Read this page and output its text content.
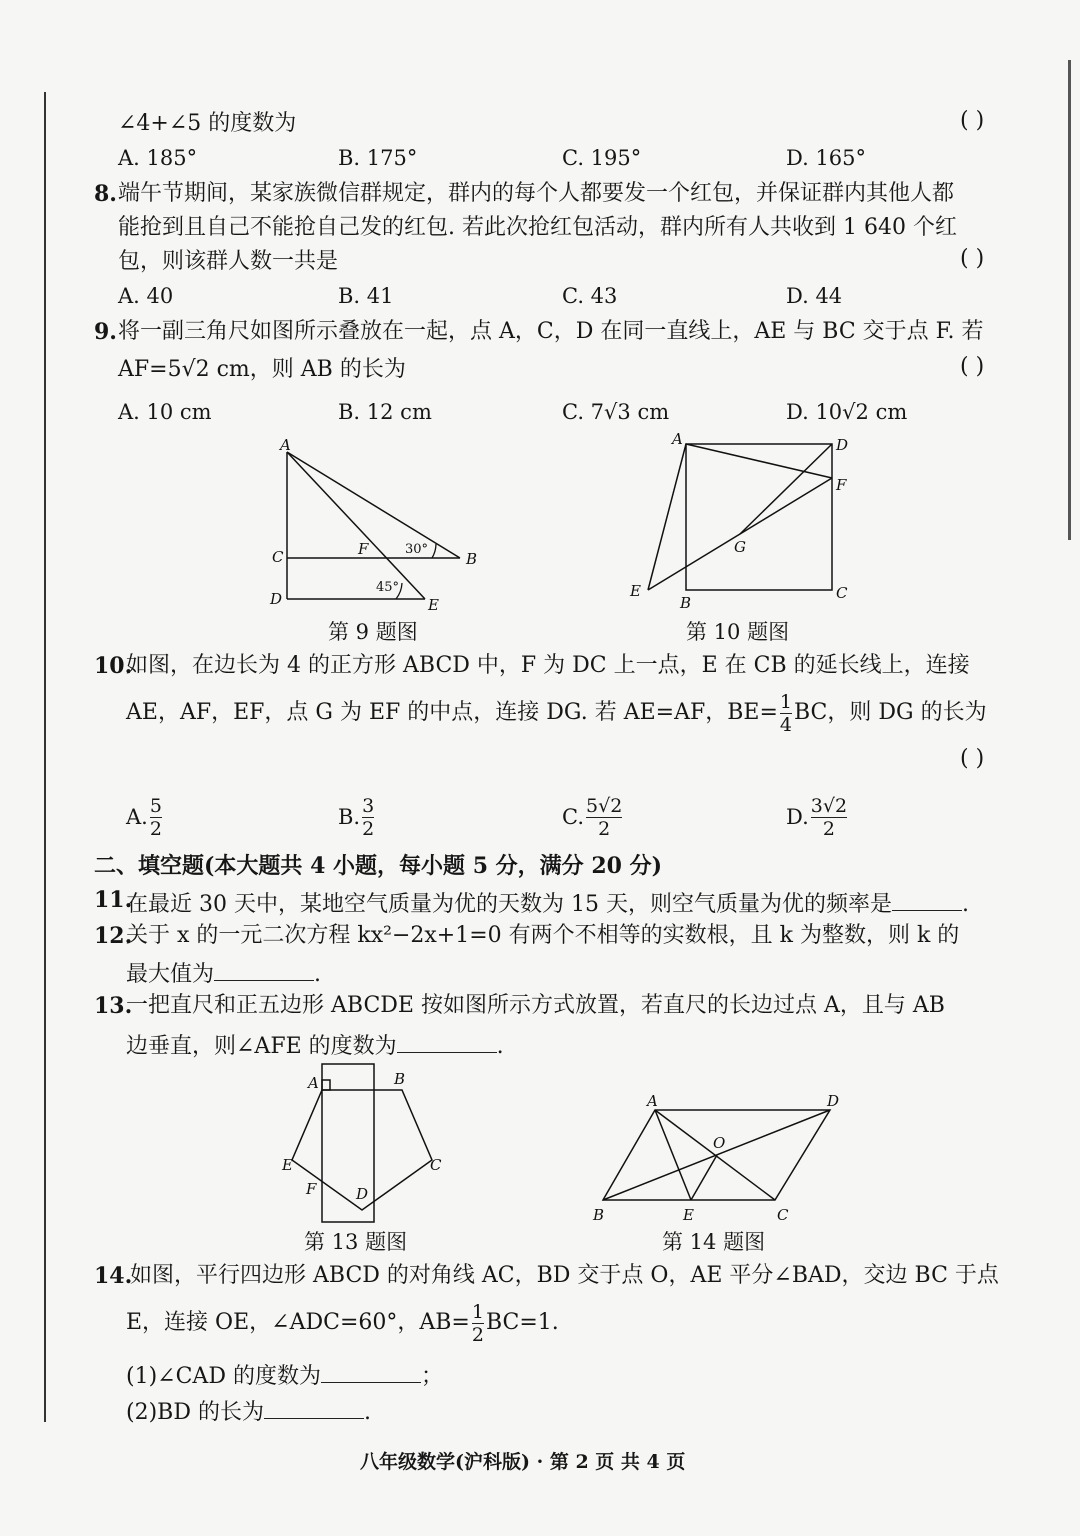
∠4+∠5 的度数为	( )
A. 185°	B. 175°	C. 195°	D. 165°
8. 端午节期间，某家族微信群规定，群内的每个人都要发一个红包，并保证群内其他人都
能抢到且自己不能抢自己发的红包. 若此次抢红包活动，群内所有人共收到 1 640 个红
包，则该群人数一共是	( )
A. 40	B. 41	C. 43	D. 44
9. 将一副三角尺如图所示叠放在一起，点 A，C，D 在同一直线上，AE 与 BC 交于点 F. 若
AF=5√2 cm，则 AB 的长为	( )
A. 10 cm	B. 12 cm	C. 7√3 cm	D. 10√2 cm
A
B
C
D	E
F	30°
45°
第 9 题图
A
B
C
D
E
F
G
第 10 题图
10.
如图，在边长为 4 的正方形 ABCD 中，F 为 DC 上一点，E 在 CB 的延长线上，连接
AE，AF，EF，点 G 为 EF 的中点，连接 DG. 若 AE=AF，$BE= \frac{1}{4}$ BC，则 DG 的长为
( )
A. $\frac{5}{2}$	B. $\frac{3}{2}$	C. $\frac{5√2}{2}$	D. $\frac{3√2}{2}$
二、填空题(本大题共 4 小题，每小题 5 分，满分 20 分)
11.
在最近 30 天中，某地空气质量为优的天数为 15 天，则空气质量为优的频率是	.
12.
关于 x 的一元二次方程 kx²−2x+1=0 有两个不相等的实数根，且 k 为整数，则 k 的
最大值为	.
13.
一把直尺和正五边形 ABCDE 按如图所示方式放置，若直尺的长边过点 A，且与 AB
边垂直，则∠AFE 的度数为	.
A	B
C
D
E
F
第 13 题图
A
B	C
D
E
O
第 14 题图
14.
如图，平行四边形 ABCD 的对角线 AC，BD 交于点 O，AE 平分∠BAD，交边 BC 于点
E，连接 OE，∠ADC=60°，$AB= \frac{1}{2} BC=1$.
(1)∠CAD 的度数为	；
(2)BD 的长为	.
八年级数学(沪科版) · 第 2 页 共 4 页
